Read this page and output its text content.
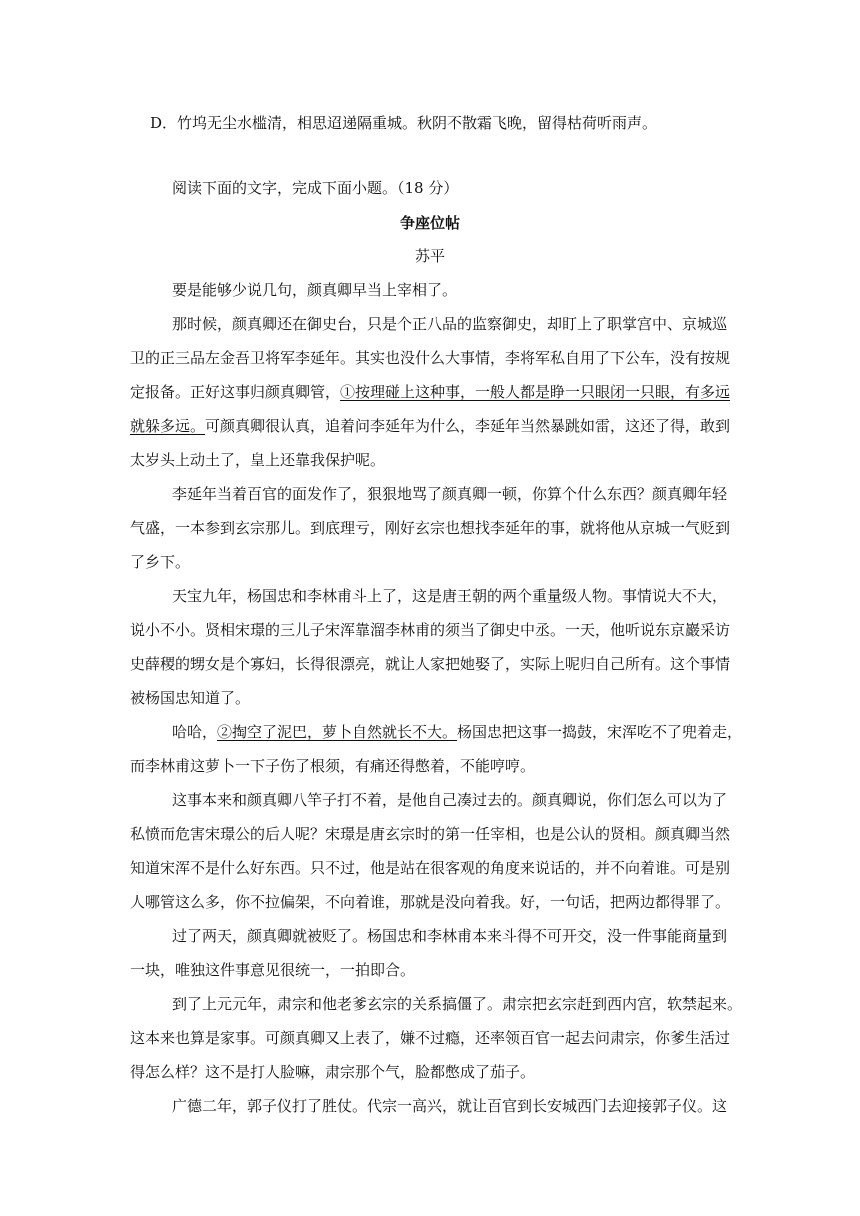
D．竹坞无尘水槛清，相思迢递隔重城。秋阴不散霜飞晚，留得枯荷听雨声。
阅读下面的文字，完成下面小题。（18 分）
争座位帖
苏平
要是能够少说几句，颜真卿早当上宰相了。
那时候，颜真卿还在御史台，只是个正八品的监察御史，却盯上了职掌宫中、京城巡
卫的正三品左金吾卫将军李延年。其实也没什么大事情，李将军私自用了下公车，没有按规
定报备。正好这事归颜真卿管，①按理碰上这种事，一般人都是睁一只眼闭一只眼，有多远
就躲多远。可颜真卿很认真，追着问李延年为什么，李延年当然暴跳如雷，这还了得，敢到
太岁头上动土了，皇上还靠我保护呢。
李延年当着百官的面发作了，狠狠地骂了颜真卿一顿，你算个什么东西？颜真卿年轻
气盛，一本参到玄宗那儿。到底理亏，刚好玄宗也想找李延年的事，就将他从京城一气贬到
了乡下。
天宝九年，杨国忠和李林甫斗上了，这是唐王朝的两个重量级人物。事情说大不大，
说小不小。贤相宋璟的三儿子宋浑靠溜李林甫的须当了御史中丞。一天，他听说东京巖采访
史薛稷的甥女是个寡妇，长得很漂亮，就让人家把她娶了，实际上呢归自己所有。这个事情
被杨国忠知道了。
哈哈，②掏空了泥巴，萝卜自然就长不大。杨国忠把这事一捣鼓，宋浑吃不了兜着走，
而李林甫这萝卜一下子伤了根须，有痛还得憋着，不能哼哼。
这事本来和颜真卿八竿子打不着，是他自己凑过去的。颜真卿说，你们怎么可以为了
私愤而危害宋璟公的后人呢？宋璟是唐玄宗时的第一任宰相，也是公认的贤相。颜真卿当然
知道宋浑不是什么好东西。只不过，他是站在很客观的角度来说话的，并不向着谁。可是别
人哪管这么多，你不拉偏架，不向着谁，那就是没向着我。好，一句话，把两边都得罪了。
过了两天，颜真卿就被贬了。杨国忠和李林甫本来斗得不可开交，没一件事能商量到
一块，唯独这件事意见很统一，一拍即合。
到了上元元年，肃宗和他老爹玄宗的关系搞僵了。肃宗把玄宗赶到西内宫，软禁起来。
这本来也算是家事。可颜真卿又上表了，嫌不过瘾，还率领百官一起去问肃宗，你爹生活过
得怎么样？这不是打人脸嘛，肃宗那个气，脸都憋成了茄子。
广德二年，郭子仪打了胜仗。代宗一高兴，就让百官到长安城西门去迎接郭子仪。这
